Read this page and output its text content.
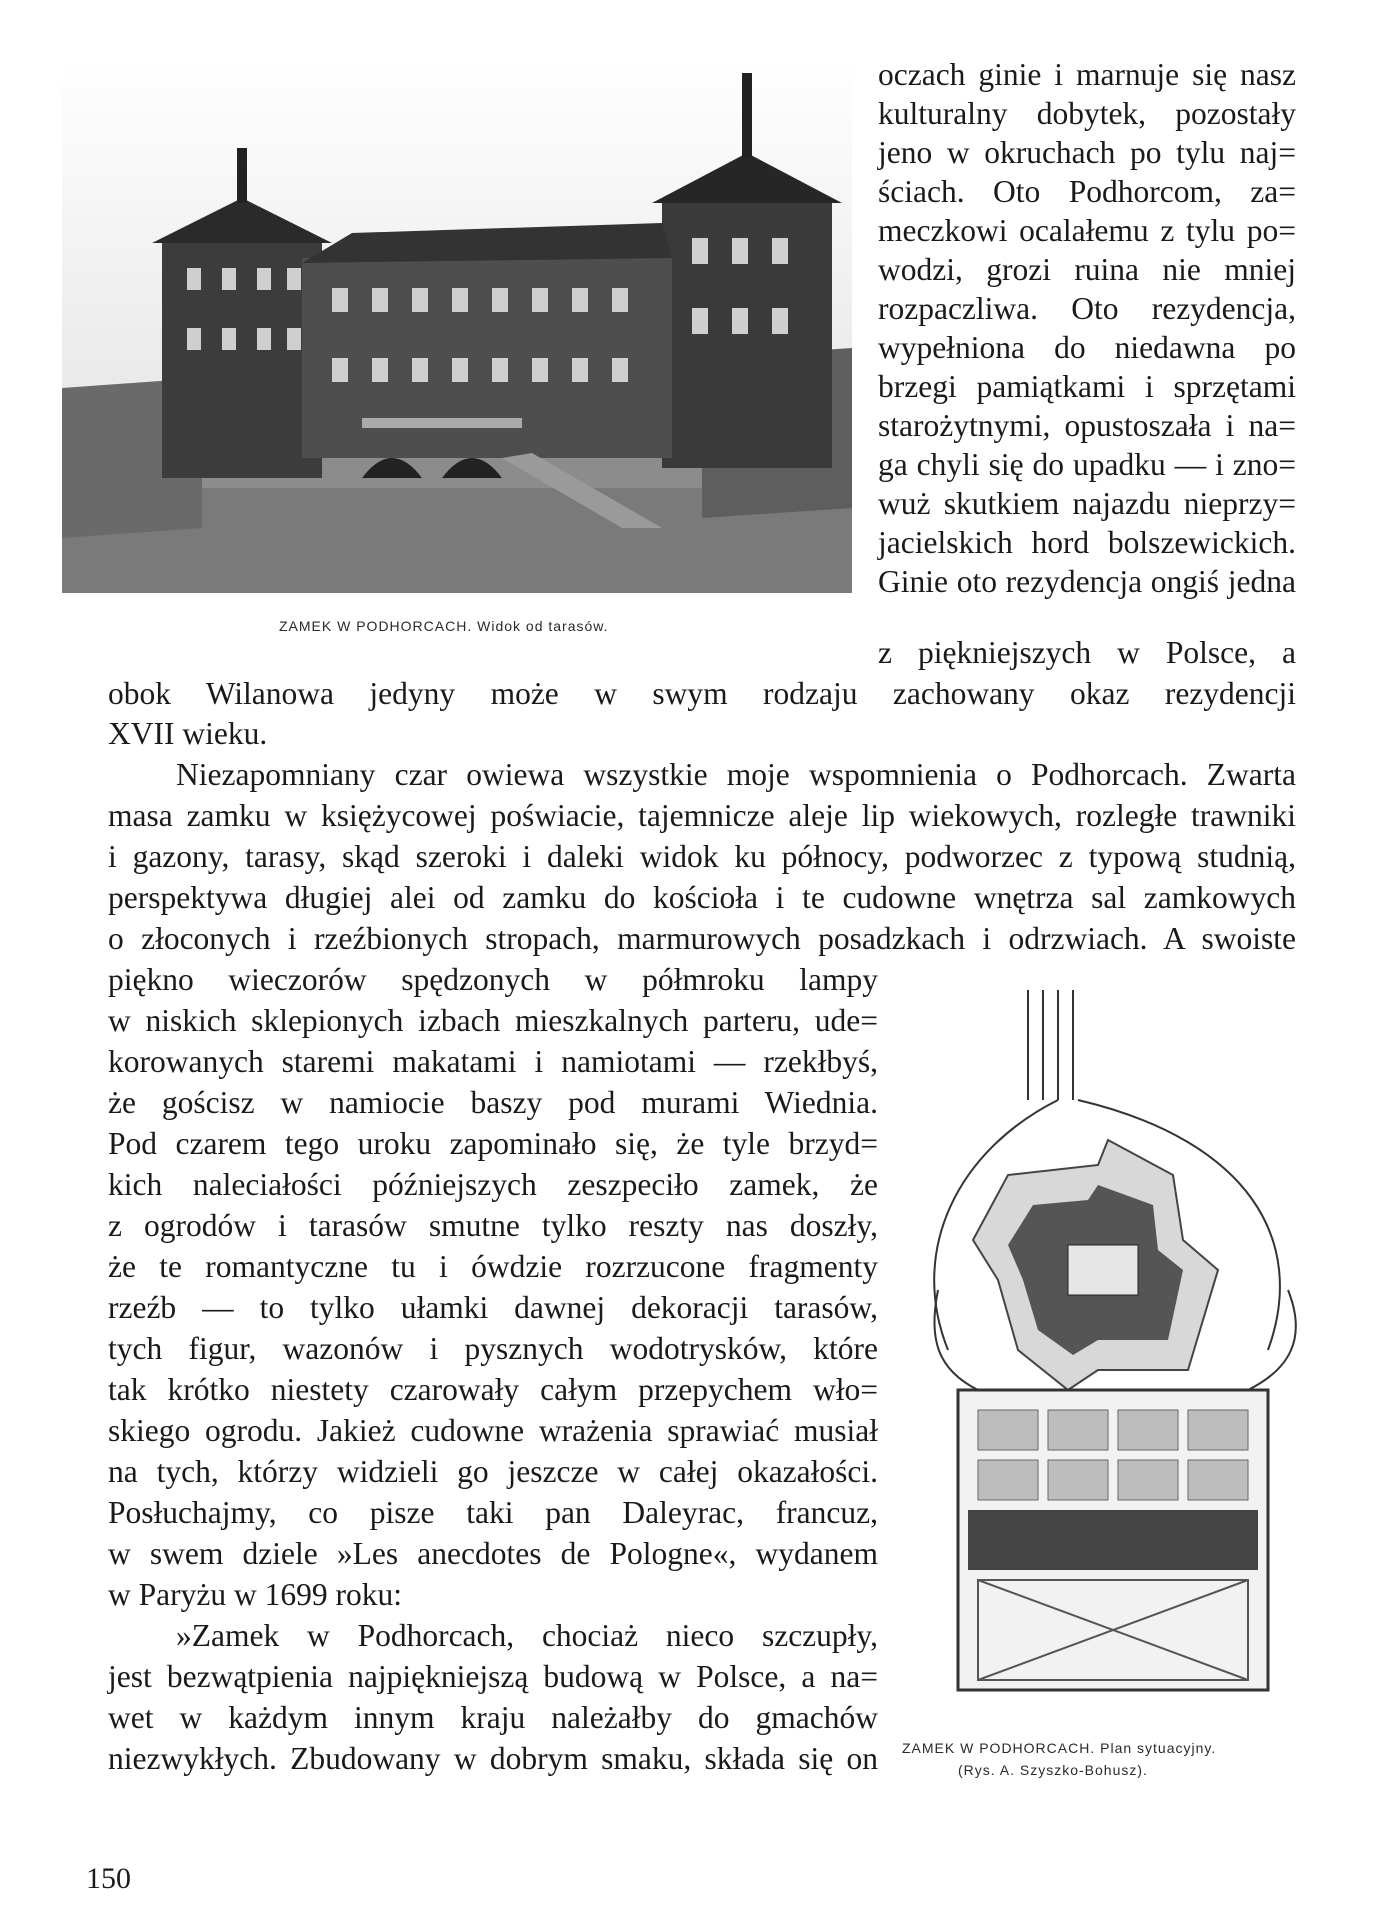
ZAMEK W PODHORCACH. Widok od tarasów.
oczach ginie i marnuje się nasz
kulturalny dobytek, pozostały
jeno w okruchach po tylu naj=
ściach. Oto Podhorcom, za=
meczkowi ocalałemu z tylu po=
wodzi, grozi ruina nie mniej
rozpaczliwa. Oto rezydencja,
wypełniona do niedawna po
brzegi pamiątkami i sprzętami
starożytnymi, opustoszała i na=
ga chyli się do upadku — i zno=
wuż skutkiem najazdu nieprzy=
jacielskich hord bolszewickich.
Ginie oto rezydencja ongiś jedna
z piękniejszych w Polsce, a
obok Wilanowa jedyny może w swym rodzaju zachowany okaz rezydencji
XVII wieku.
Niezapomniany czar owiewa wszystkie moje wspomnienia o Podhorcach. Zwarta
masa zamku w księżycowej poświacie, tajemnicze aleje lip wiekowych, rozległe trawniki
i gazony, tarasy, skąd szeroki i daleki widok ku północy, podworzec z typową studnią,
perspektywa długiej alei od zamku do kościoła i te cudowne wnętrza sal zamkowych
o złoconych i rzeźbionych stropach, marmurowych posadzkach i odrzwiach. A swoiste
piękno wieczorów spędzonych w półmroku lampy
w niskich sklepionych izbach mieszkalnych parteru, ude=
korowanych staremi makatami i namiotami — rzekłbyś,
że gościsz w namiocie baszy pod murami Wiednia.
Pod czarem tego uroku zapominało się, że tyle brzyd=
kich naleciałości późniejszych zeszpeciło zamek, że
z ogrodów i tarasów smutne tylko reszty nas doszły,
że te romantyczne tu i ówdzie rozrzucone fragmenty
rzeźb — to tylko ułamki dawnej dekoracji tarasów,
tych figur, wazonów i pysznych wodotrysków, które
tak krótko niestety czarowały całym przepychem wło=
skiego ogrodu. Jakież cudowne wrażenia sprawiać musiał
na tych, którzy widzieli go jeszcze w całej okazałości.
Posłuchajmy, co pisze taki pan Daleyrac, francuz,
w swem dziele »Les anecdotes de Pologne«, wydanem
w Paryżu w 1699 roku:
»Zamek w Podhorcach, chociaż nieco szczupły,
jest bezwątpienia najpiękniejszą budową w Polsce, a na=
wet w każdym innym kraju należałby do gmachów
niezwykłych. Zbudowany w dobrym smaku, składa się on ZAMEK W PODHORCACH. Plan sytuacyjny.
(Rys. A. Szyszko-Bohusz).
150
